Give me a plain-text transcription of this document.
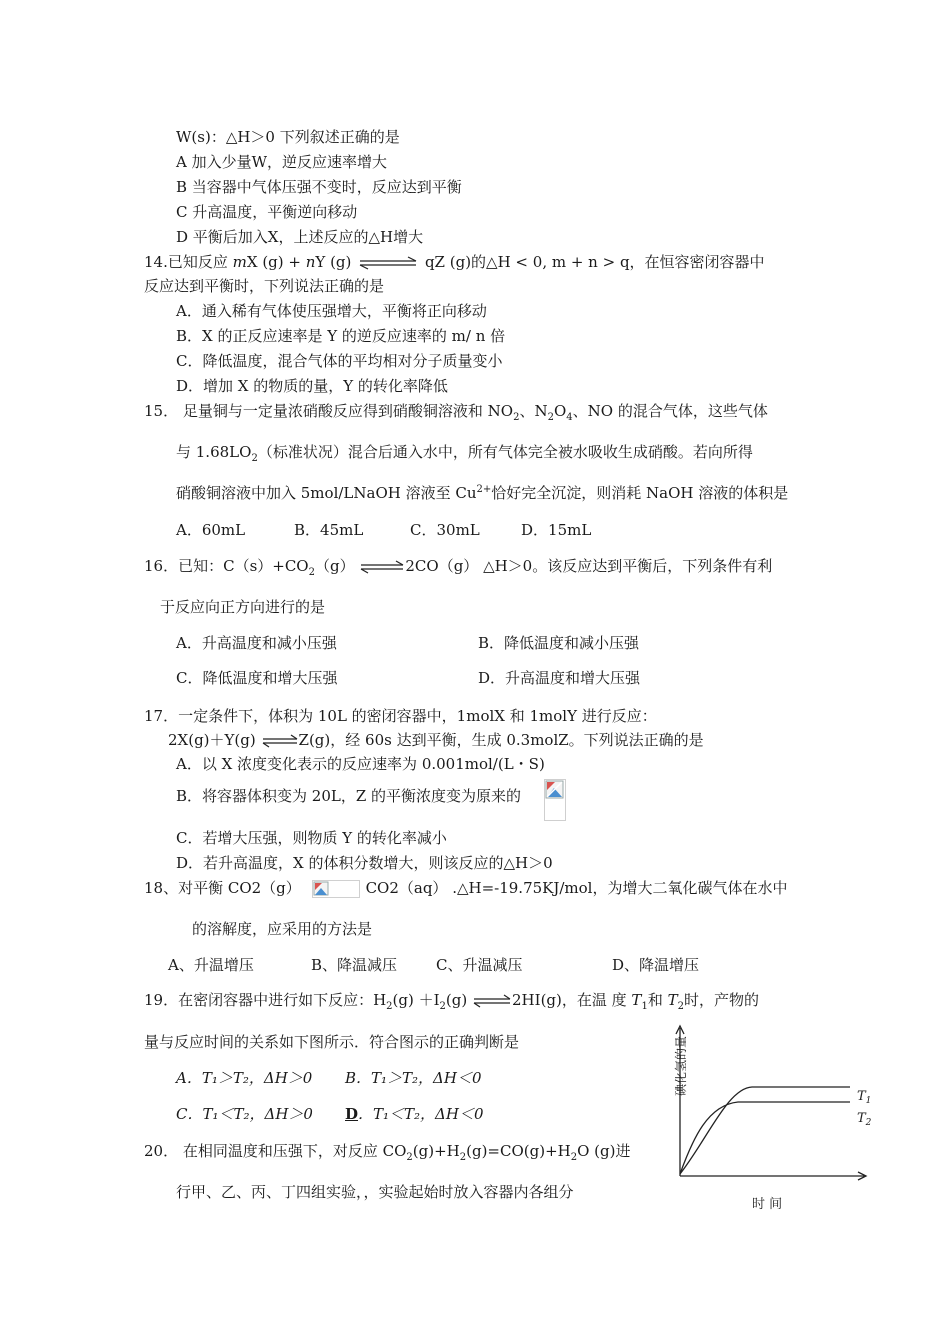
W(s)：△H＞0 下列叙述正确的是
A 加入少量W，逆反应速率增大
B 当容器中气体压强不变时，反应达到平衡
C 升高温度，平衡逆向移动
D 平衡后加入X，上述反应的△H增大
14.已知反应 mX (g) + nY (g)	qZ (g)的△H < 0, m + n > q，在恒容密闭容器中
反应达到平衡时，下列说法正确的是
A．通入稀有气体使压强增大，平衡将正向移动
B．X 的正反应速率是 Y 的逆反应速率的 m/ n 倍
C．降低温度，混合气体的平均相对分子质量变小
D．增加 X 的物质的量，Y 的转化率降低
15． 足量铜与一定量浓硝酸反应得到硝酸铜溶液和 $NO_2$、$N_2O_4$、NO 的混合气体，这些气体
与 $1.68LO_2$（标准状况）混合后通入水中，所有气体完全被水吸收生成硝酸。若向所得
硝酸铜溶液中加入 5mol/LNaOH 溶液至 $Cu^{2+}$恰好完全沉淀，则消耗 NaOH 溶液的体积是
A．60mL	B．45mL	C．30mL	D．15mL
16．已知：$C(s)+CO_2(g)$ ⇌2CO（g） △H＞0。该反应达到平衡后，下列条件有利
于反应向正方向进行的是
A．升高温度和减小压强	B．降低温度和减小压强
C．降低温度和增大压强	D．升高温度和增大压强
17．一定条件下，体积为 10L 的密闭容器中，1molX 和 1molY 进行反应：
2X(g)＋Y(g) ⇌Z(g)，经 60s 达到平衡，生成 0.3molZ。下列说法正确的是
A．以 X 浓度变化表示的反应速率为 0.001mol/(L・S)
B．将容器体积变为 20L，Z 的平衡浓度变为原来的
C．若增大压强，则物质 Y 的转化率减小
D．若升高温度，X 的体积分数增大，则该反应的△H＞0
18、对平衡 CO2（g）	CO2（aq） .△H=-19.75KJ/mol，为增大二氧化碳气体在水中
的溶解度，应采用的方法是
A、升温增压	B、降温减压	C、升温减压	D、降温增压
19．在密闭容器中进行如下反应：$H_2(g) +I_2(g)$ ⇌2HI(g)，在温 度 $T_1$和 $T_2$时，产物的
量与反应时间的关系如下图所示．符合图示的正确判断是
A．T₁＞T₂，ΔH＞0 B．T₁＞T₂，ΔH＜0
C．T₁＜T₂，ΔH＞0 D．T₁＜T₂，ΔH＜0
20． 在相同温度和压强下，对反应 $CO_2(g)+H_2(g)=CO(g)+H_2O$ (g)进
行甲、乙、丙、丁四组实验，，实验起始时放入容器内各组分
$T_1$
$T_2$
碘化氢的量
时 间
